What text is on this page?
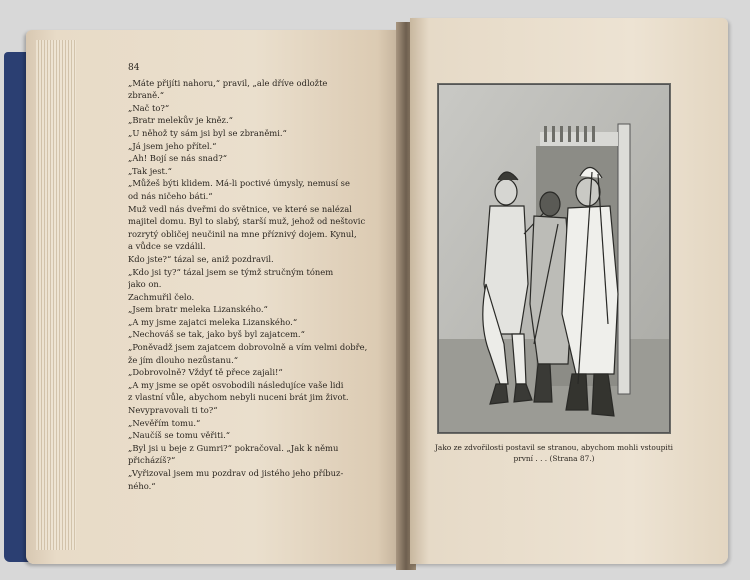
84
„Máte přijíti nahoru,“ pravil, „ale dříve odložte
zbraně.“
„Nač to?“
„Bratr melekův je kněz.“
„U něhož ty sám jsi byl se zbraněmi.“
„Já jsem jeho přítel.“
„Ah! Bojí se nás snad?“
„Tak jest.“
„Můžeš býti klidem. Má-li poctivé úmysly, nemusí se
od nás ničeho báti.“
Muž vedl nás dveřmi do světnice, ve které se nalézal
majitel domu. Byl to slabý, starší muž, jehož od neštovic
rozrytý obličej neučinil na mne příznivý dojem. Kynul,
a vůdce se vzdálil.
Kdo jste?“ tázal se, aniž pozdravil.
„Kdo jsi ty?“ tázal jsem se týmž stručným tónem
jako on.
Zachmuřil čelo.
„Jsem bratr meleka Lizanského.“
„A my jsme zajatci meleka Lizanského.“
„Nechováš se tak, jako byš byl zajatcem.“
„Poněvadž jsem zajatcem dobrovolně a vím velmi dobře,
že jím dlouho nezůstanu.“
„Dobrovolně? Vždyť tě přece zajali!“
„A my jsme se opět osvobodili následujíce vaše lidi
z vlastní vůle, abychom nebyli nuceni brát jim život.
Nevypravovali ti to?“
„Nevěřím tomu.“
„Naučíš se tomu věřiti.“
„Byl jsi u beje z Gumri?“ pokračoval. „Jak k němu
přicházíš?“
„Vyřizoval jsem mu pozdrav od jistého jeho příbuz-
ného.“
Jako ze zdvořilosti postavil se stranou, abychom mohli vstoupiti
první . . . (Strana 87.)
